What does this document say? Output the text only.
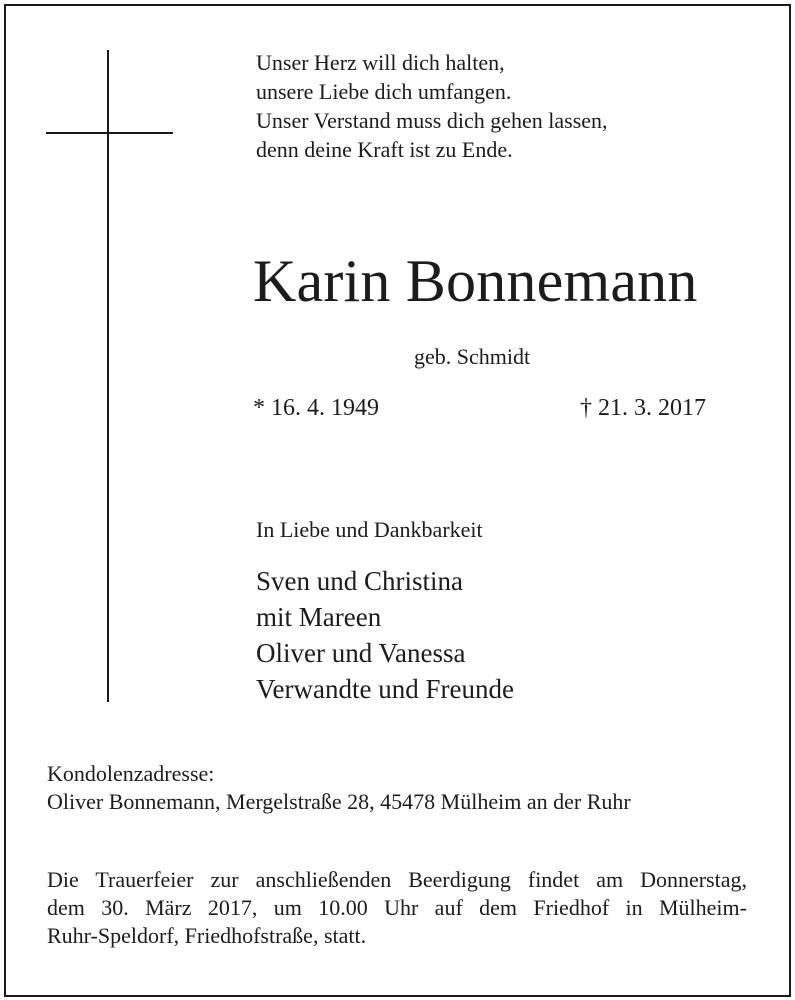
Unser Herz will dich halten,
unsere Liebe dich umfangen.
Unser Verstand muss dich gehen lassen,
denn deine Kraft ist zu Ende.
Karin Bonnemann
geb. Schmidt
* 16. 4. 1949	† 21. 3. 2017
In Liebe und Dankbarkeit
Sven und Christina
mit Mareen
Oliver und Vanessa
Verwandte und Freunde
Kondolenzadresse:
Oliver Bonnemann, Mergelstraße 28, 45478 Mülheim an der Ruhr
Die Trauerfeier zur anschließenden Beerdigung findet am Donnerstag,
dem 30. März 2017, um 10.00 Uhr auf dem Friedhof in Mülheim-
Ruhr-Speldorf, Friedhofstraße, statt.
